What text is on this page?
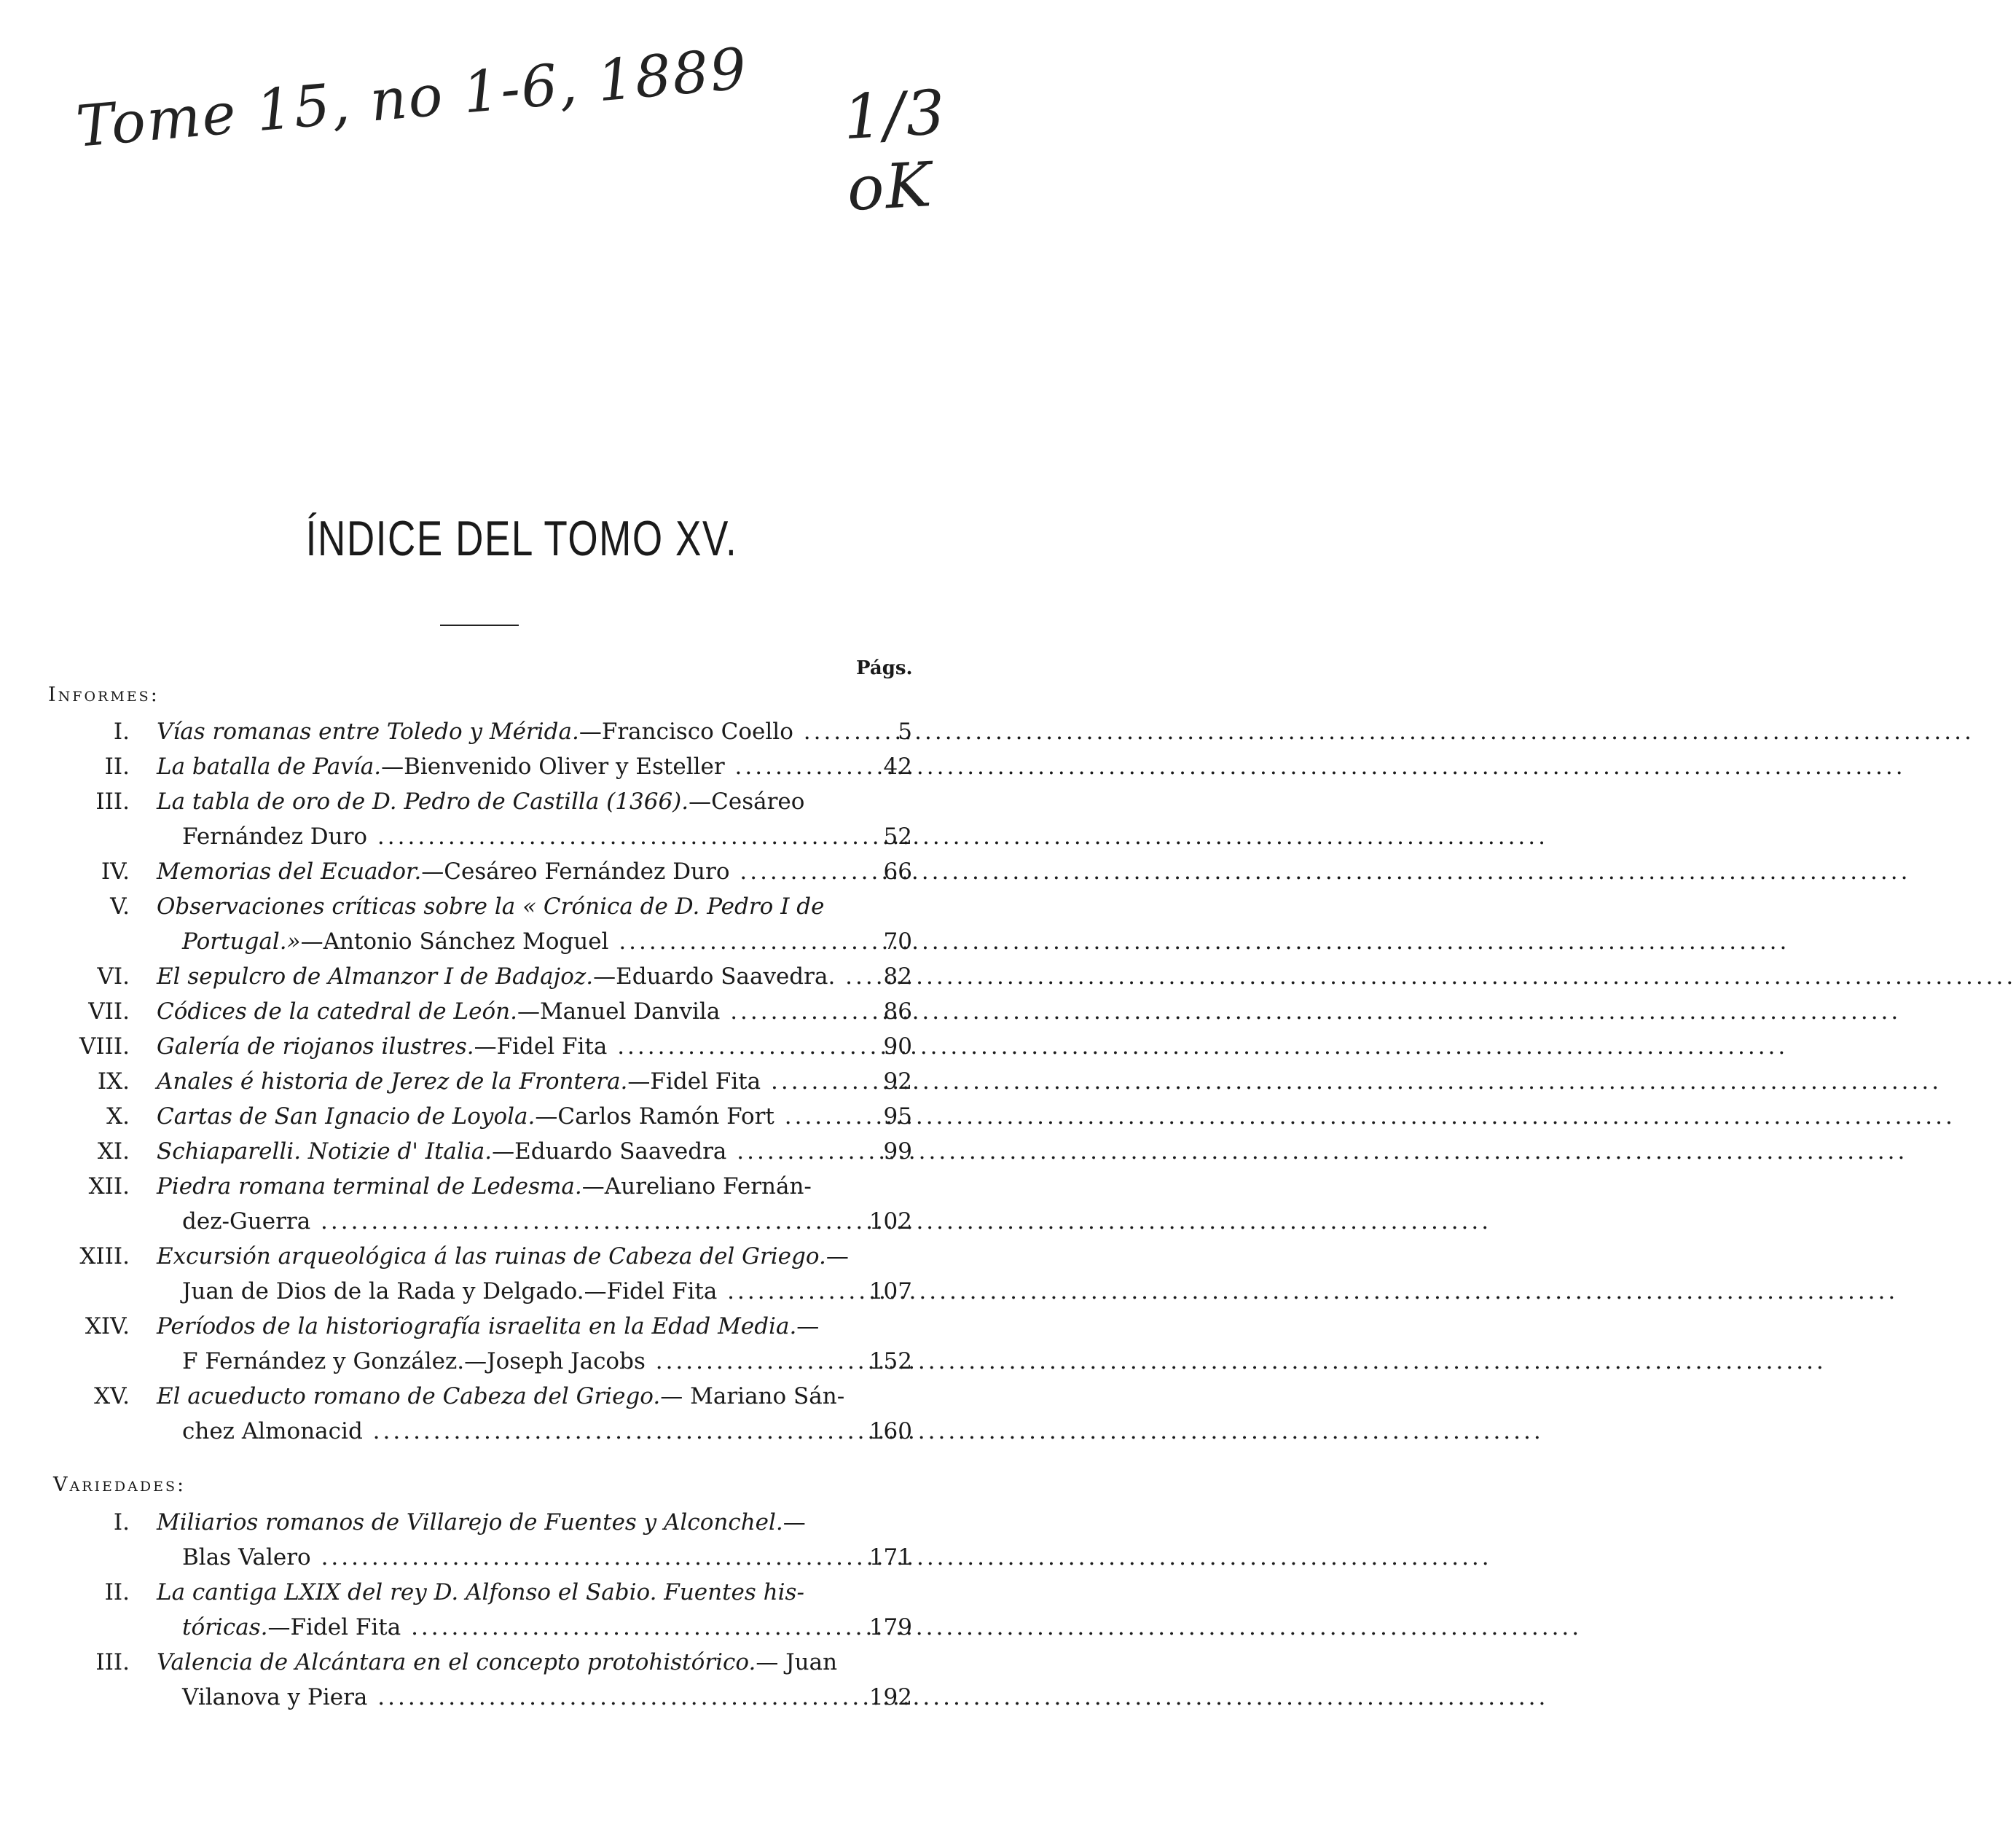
Tome 15, no 1-6, 1889 1/3 oK
ÍNDICE DEL TOMO XV.
Págs.
Informes:
I. Vías romanas entre Toledo y Mérida.—Francisco Coello .....	5
II. La batalla de Pavía.—Bienvenido Oliver y Esteller .....	42
III. La tabla de oro de D. Pedro de Castilla (1366).—Cesáreo
Fernández Duro .....	52
IV. Memorias del Ecuador.—Cesáreo Fernández Duro .....	66
V. Observaciones críticas sobre la « Crónica de D. Pedro I de
Portugal.»—Antonio Sánchez Moguel .....	70
VI. El sepulcro de Almanzor I de Badajoz.—Eduardo Saavedra. .....	82
VII. Códices de la catedral de León.—Manuel Danvila .....	86
VIII. Galería de riojanos ilustres.—Fidel Fita .....	90
IX. Anales é historia de Jerez de la Frontera.—Fidel Fita .....	92
X. Cartas de San Ignacio de Loyola.—Carlos Ramón Fort .....	95
XI. Schiaparelli. Notizie d' Italia.—Eduardo Saavedra .....	99
XII. Piedra romana terminal de Ledesma.—Aureliano Fernán-
dez-Guerra .....	102
XIII. Excursión arqueológica á las ruinas de Cabeza del Griego.—
Juan de Dios de la Rada y Delgado.—Fidel Fita .....	107
XIV. Períodos de la historiografía israelita en la Edad Media.—
F Fernández y González.—Joseph Jacobs .....	152
XV. El acueducto romano de Cabeza del Griego.— Mariano Sán-
chez Almonacid .....	160
Variedades:
I. Miliarios romanos de Villarejo de Fuentes y Alconchel.—
Blas Valero .....	171
II. La cantiga LXIX del rey D. Alfonso el Sabio. Fuentes his-
tóricas.—Fidel Fita .....	179
III. Valencia de Alcántara en el concepto protohistórico.— Juan
Vilanova y Piera .....	192
